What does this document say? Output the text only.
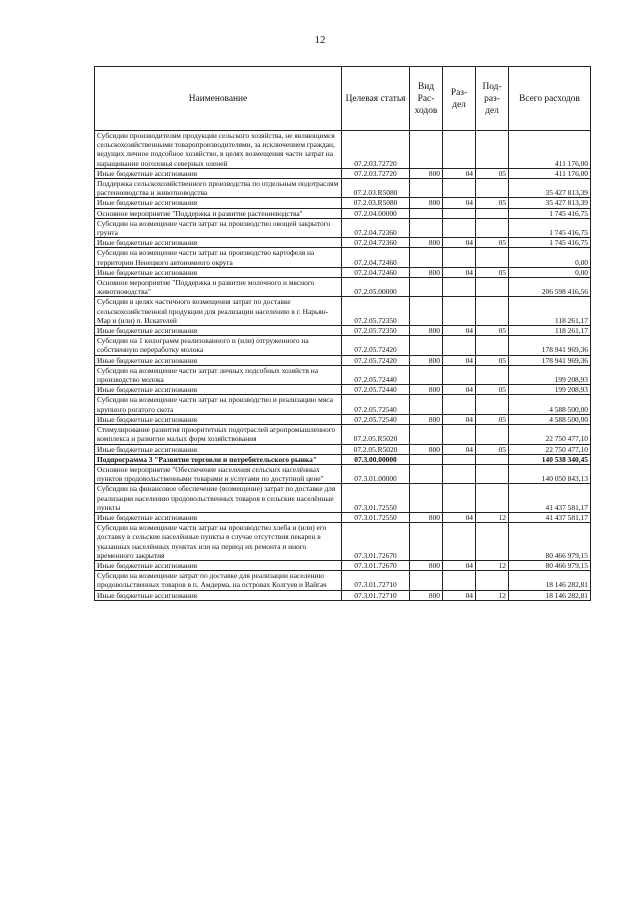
12
Наименование	Целевая статья	Вид Рас-ходов	Раз-дел	Под-раз-дел	Всего расходов
Субсидии производителям продукции сельского хозяйства, не являющимся сельскохозяйственными товаропроизводителями, за исключением граждан, ведущих личное подсобное хозяйство, в целях возмещения части затрат на наращивание поголовья северных оленей	07.2.03.72720				411 176,00
Иные бюджетные ассигнования	07.2.03.72720	800	04	05	411 176,00
Поддержка сельскохозяйственного производства по отдельным подотраслям растениеводства и животноводства	07.2.03.R5080				35 427 813,39
Иные бюджетные ассигнования	07.2.03.R5080	800	04	05	35 427 813,39
Основное мероприятие "Поддержка и развитие растениеводства"	07.2.04.00000				1 745 416,75
Субсидии на возмещение части затрат на производство овощей закрытого грунта	07.2.04.72360				1 745 416,75
Иные бюджетные ассигнования	07.2.04.72360	800	04	05	1 745 416,75
Субсидии на возмещение части затрат на производство картофеля на территории Ненецкого автономного округа	07.2.04.72460				0,00
Иные бюджетные ассигнования	07.2.04.72460	800	04	05	0,00
Основное мероприятие "Поддержка и развитие молочного и мясного животноводства"	07.2.05.00000				206 598 416,56
Субсидии в целях частичного возмещения затрат по доставке сельскохозяйственной продукции для реализации населению в г. Нарьян-Мар и (или) п. Искателей	07.2.05.72350				118 261,17
Иные бюджетные ассигнования	07.2.05.72350	800	04	05	118 261,17
Субсидии на 1 килограмм реализованного и (или) отгруженного на собственную переработку молока	07.2.05.72420				178 941 969,36
Иные бюджетные ассигнования	07.2.05.72420	800	04	05	178 941 969,36
Субсидии на возмещение части затрат личных подсобных хозяйств на производство молока	07.2.05.72440				199 208,93
Иные бюджетные ассигнования	07.2.05.72440	800	04	05	199 208,93
Субсидии на возмещение части затрат на производство и реализацию мяса крупного рогатого скота	07.2.05.72540				4 588 500,00
Иные бюджетные ассигнования	07.2.05.72540	800	04	05	4 588 500,00
Стимулирование развития приоритетных подотраслей агропромышленного комплекса и развитие малых форм хозяйствования	07.2.05.R5020				22 750 477,10
Иные бюджетные ассигнования	07.2.05.R5020	800	04	05	22 750 477,10
Подпрограмма 3 "Развитие торговли и потребительского рынка"	07.3.00.00000				140 538 340,45
Основное мероприятие "Обеспечение населения сельских населённых пунктов продовольственными товарами и услугами по доступной цене"	07.3.01.00000				140 050 843,13
Субсидии на финансовое обеспечение (возмещение) затрат по доставке для реализации населению продовольственных товаров в сельские населённые пункты	07.3.01.72550				41 437 581,17
Иные бюджетные ассигнования	07.3.01.72550	800	04	12	41 437 581,17
Субсидии на возмещение части затрат на производство хлеба и (или) его доставку в сельские населённые пункты в случае отсутствия пекарен в указанных населённых пунктах или на период их ремонта и иного временного закрытия	07.3.01.72670				80 466 979,15
Иные бюджетные ассигнования	07.3.01.72670	800	04	12	80 466 979,15
Субсидии на возмещение затрат по доставке для реализации населению продовольственных товаров в п. Амдерма, на островах Колгуев и Вайгач	07.3.01.72710				18 146 282,81
Иные бюджетные ассигнования	07.3.01.72710	800	04	12	18 146 282,81
